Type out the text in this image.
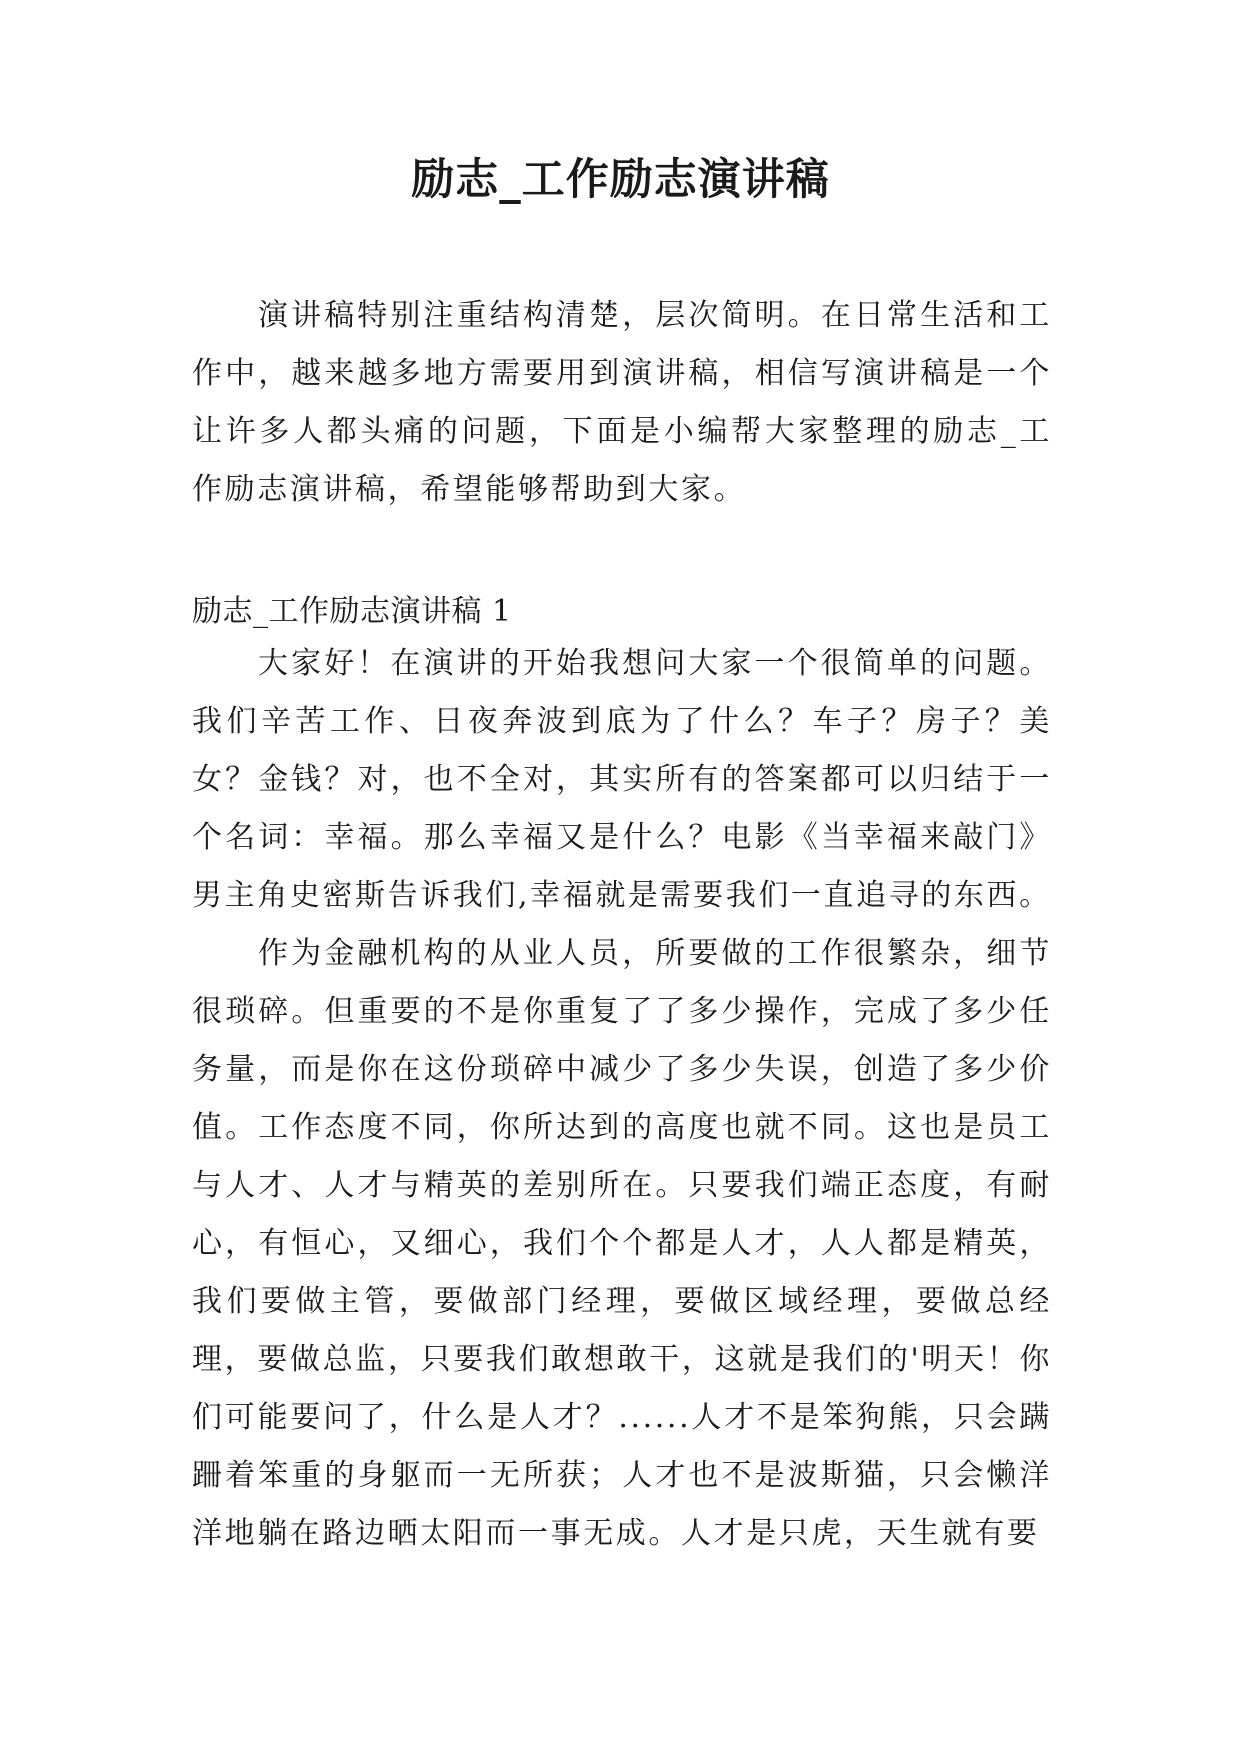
励志_工作励志演讲稿

演讲稿特别注重结构清楚，层次简明。在日常生活和工作中，越来越多地方需要用到演讲稿，相信写演讲稿是一个让许多人都头痛的问题，下面是小编帮大家整理的励志_工作励志演讲稿，希望能够帮助到大家。

励志_工作励志演讲稿 1

大家好！在演讲的开始我想问大家一个很简单的问题。我们辛苦工作、日夜奔波到底为了什么？车子？房子？美女？金钱？对，也不全对，其实所有的答案都可以归结于一个名词：幸福。那么幸福又是什么？电影《当幸福来敲门》男主角史密斯告诉我们,幸福就是需要我们一直追寻的东西。

作为金融机构的从业人员，所要做的工作很繁杂，细节很琐碎。但重要的不是你重复了了多少操作，完成了多少任务量，而是你在这份琐碎中减少了多少失误，创造了多少价值。工作态度不同，你所达到的高度也就不同。这也是员工与人才、人才与精英的差别所在。只要我们端正态度，有耐心，有恒心，又细心，我们个个都是人才，人人都是精英，我们要做主管，要做部门经理，要做区域经理，要做总经理，要做总监，只要我们敢想敢干，这就是我们的'明天！你们可能要问了，什么是人才？......人才不是笨狗熊，只会蹒跚着笨重的身躯而一无所获；人才也不是波斯猫，只会懒洋洋地躺在路边晒太阳而一事无成。人才是只虎，天生就有要
